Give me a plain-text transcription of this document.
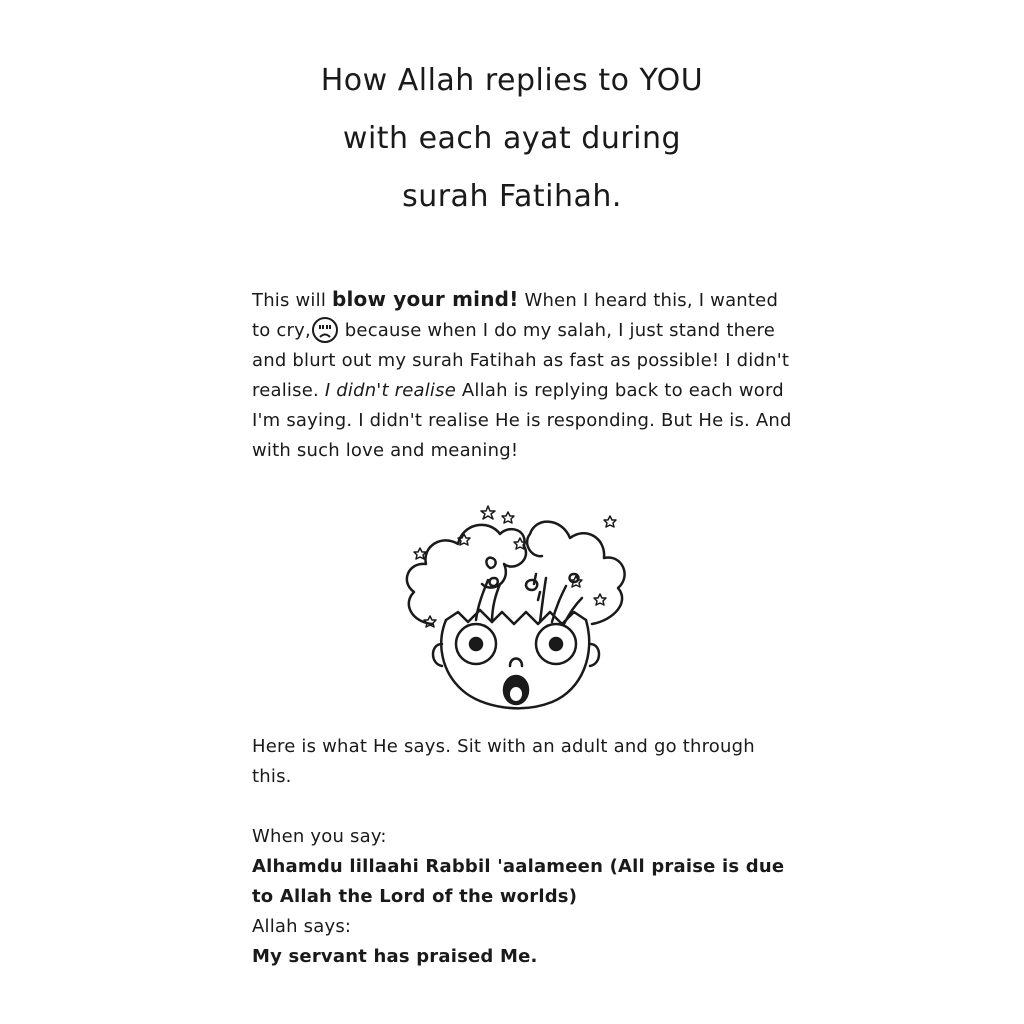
How Allah replies to YOU
with each ayat during
surah Fatihah.
This will blow your mind! When I heard this, I wanted to cry, because when I do my salah, I just stand there and blurt out my surah Fatihah as fast as possible! I didn't realise. I didn't realise Allah is replying back to each word I'm saying. I didn't realise He is responding. But He is. And with such love and meaning!
Here is what He says. Sit with an adult and go through this.
When you say:
Alhamdu lillaahi Rabbil 'aalameen (All praise is due to Allah the Lord of the worlds)
Allah says:
My servant has praised Me.
